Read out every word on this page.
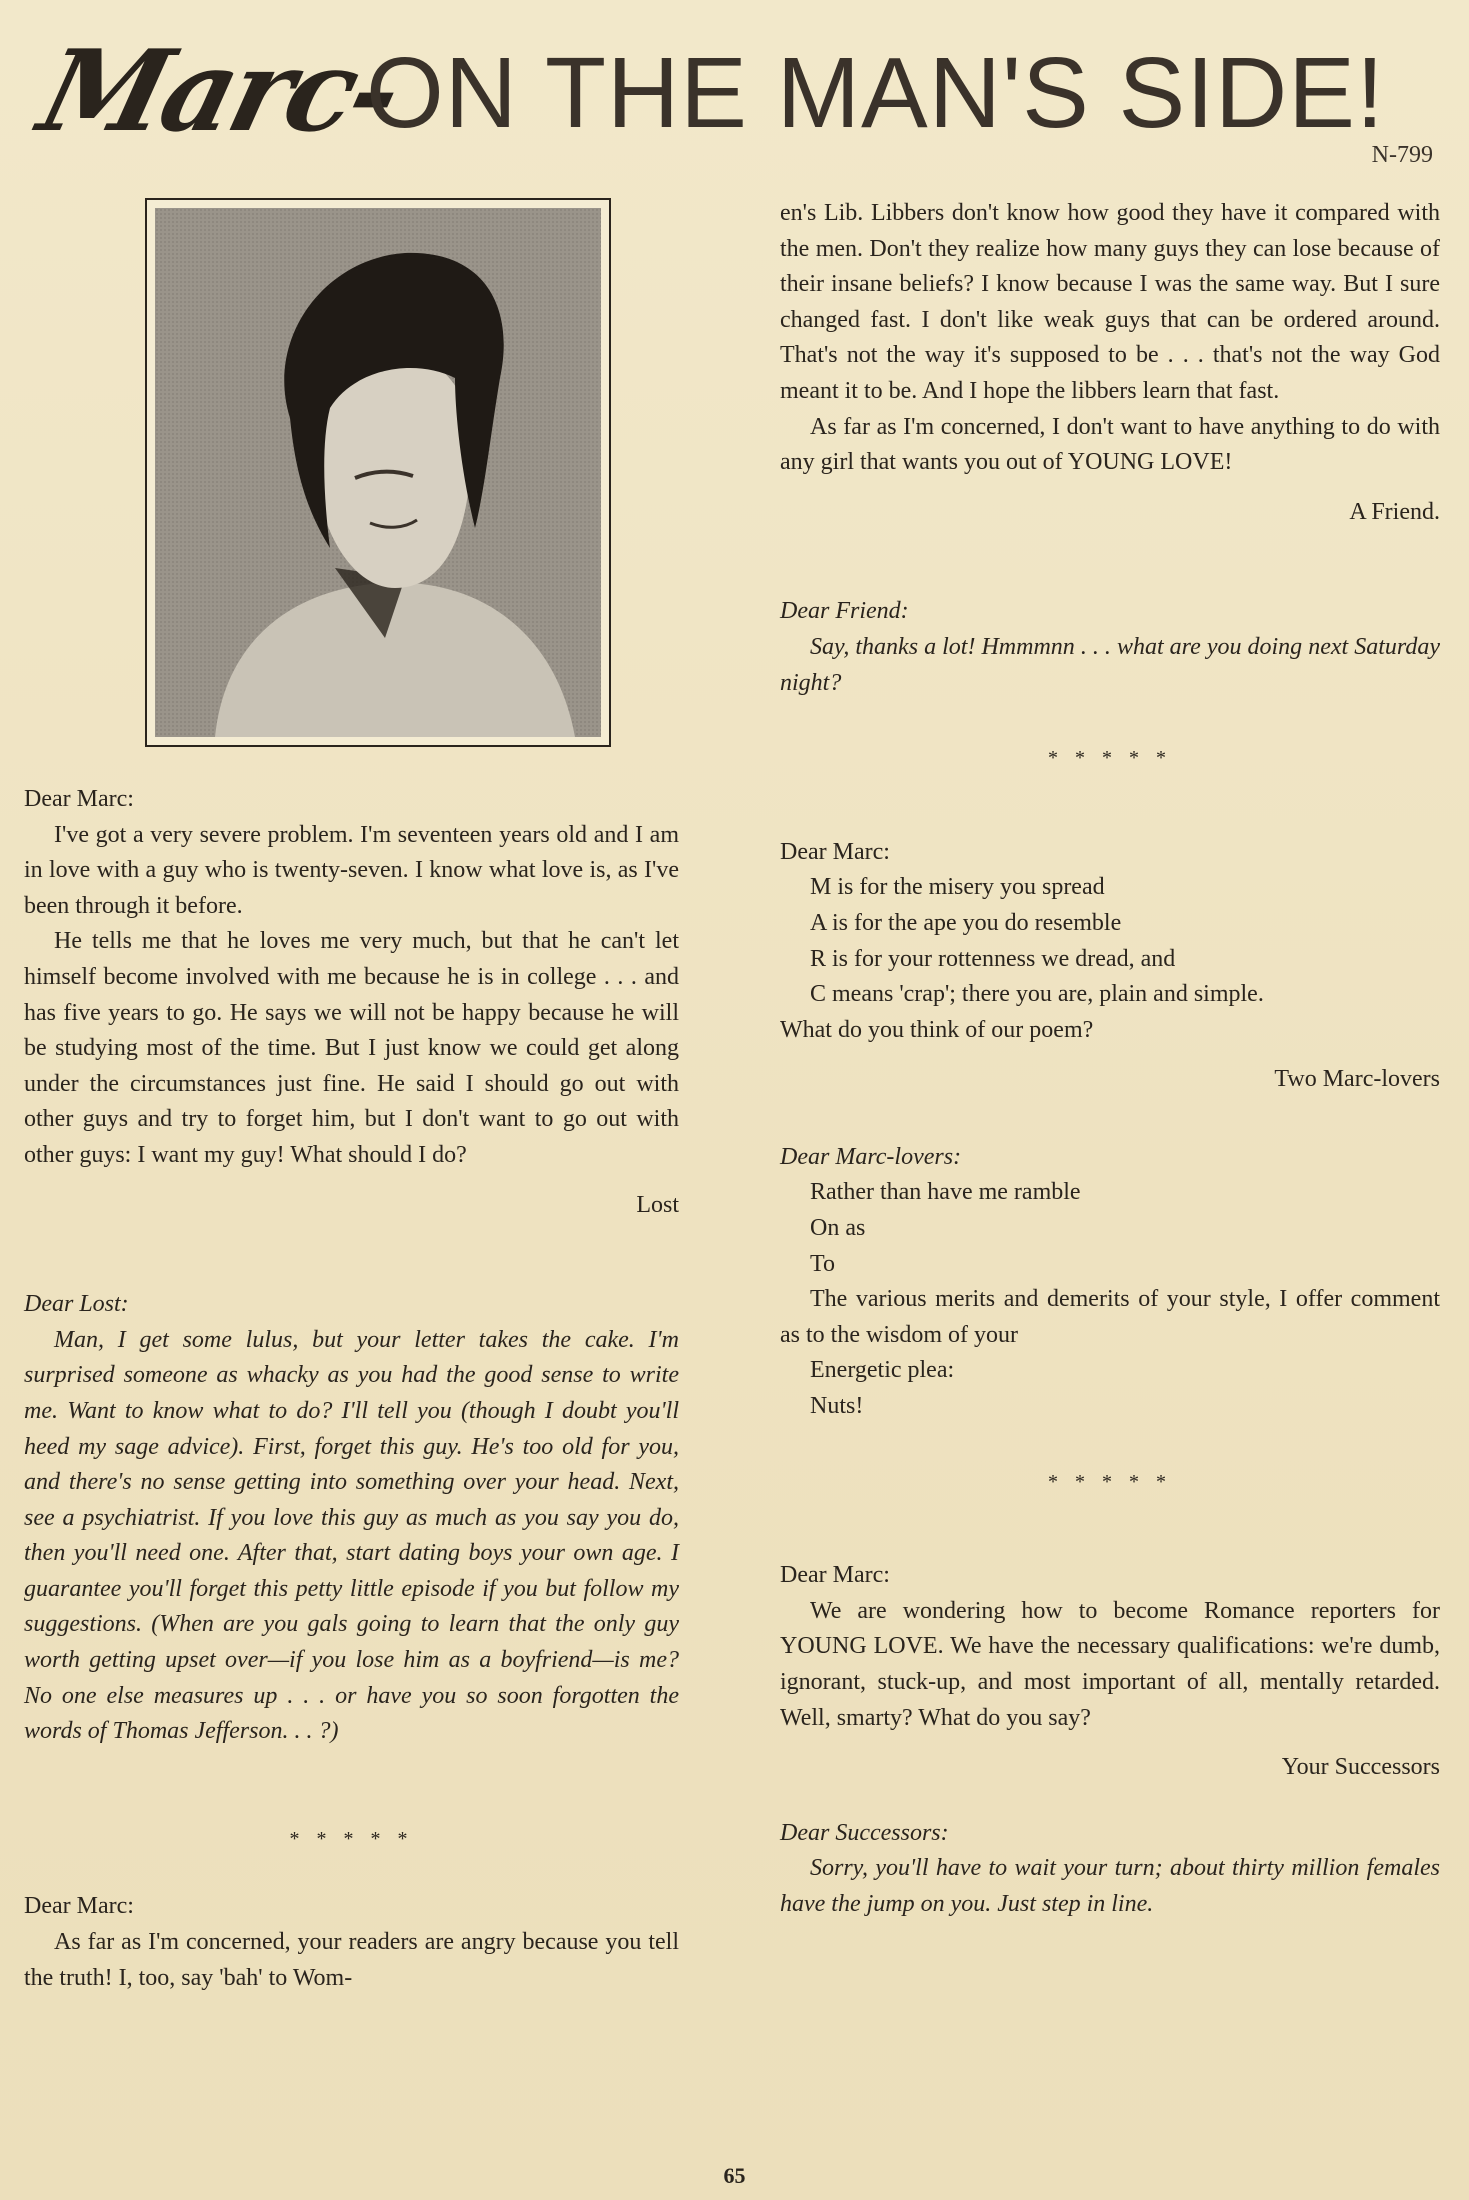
Marc-
ON THE MAN'S SIDE!
N-799

Dear Marc:

I've got a very severe problem. I'm seventeen years old and I am in love with a guy who is twenty-seven. I know what love is, as I've been through it before.

He tells me that he loves me very much, but that he can't let himself become involved with me because he is in college . . . and has five years to go. He says we will not be happy because he will be studying most of the time. But I just know we could get along under the circumstances just fine. He said I should go out with other guys and try to forget him, but I don't want to go out with other guys: I want my guy! What should I do?

Lost

Dear Lost:

Man, I get some lulus, but your letter takes the cake. I'm surprised someone as whacky as you had the good sense to write me. Want to know what to do? I'll tell you (though I doubt you'll heed my sage advice). First, forget this guy. He's too old for you, and there's no sense getting into something over your head. Next, see a psychiatrist. If you love this guy as much as you say you do, then you'll need one. After that, start dating boys your own age. I guarantee you'll forget this petty little episode if you but follow my suggestions. (When are you gals going to learn that the only guy worth getting upset over—if you lose him as a boyfriend—is me? No one else measures up . . . or have you so soon forgotten the words of Thomas Jefferson. . . ?)

* * * * *

Dear Marc:

As far as I'm concerned, your readers are angry because you tell the truth! I, too, say 'bah' to Wom-

en's Lib. Libbers don't know how good they have it compared with the men. Don't they realize how many guys they can lose because of their insane beliefs? I know because I was the same way. But I sure changed fast. I don't like weak guys that can be ordered around. That's not the way it's supposed to be . . . that's not the way God meant it to be. And I hope the libbers learn that fast.

As far as I'm concerned, I don't want to have anything to do with any girl that wants you out of YOUNG LOVE!

A Friend.

Dear Friend:

Say, thanks a lot! Hmmmnn . . . what are you doing next Saturday night?

* * * * *

Dear Marc:

M is for the misery you spread

A is for the ape you do resemble

R is for your rottenness we dread, and

C means 'crap'; there you are, plain and simple.

What do you think of our poem?

Two Marc-lovers

Dear Marc-lovers:

Rather than have me ramble

On as

To

The various merits and demerits of your style, I offer comment as to the wisdom of your

Energetic plea:

Nuts!

* * * * *

Dear Marc:

We are wondering how to become Romance reporters for YOUNG LOVE. We have the necessary qualifications: we're dumb, ignorant, stuck-up, and most important of all, mentally retarded. Well, smarty? What do you say?

Your Successors

Dear Successors:

Sorry, you'll have to wait your turn; about thirty million females have the jump on you. Just step in line.

65
